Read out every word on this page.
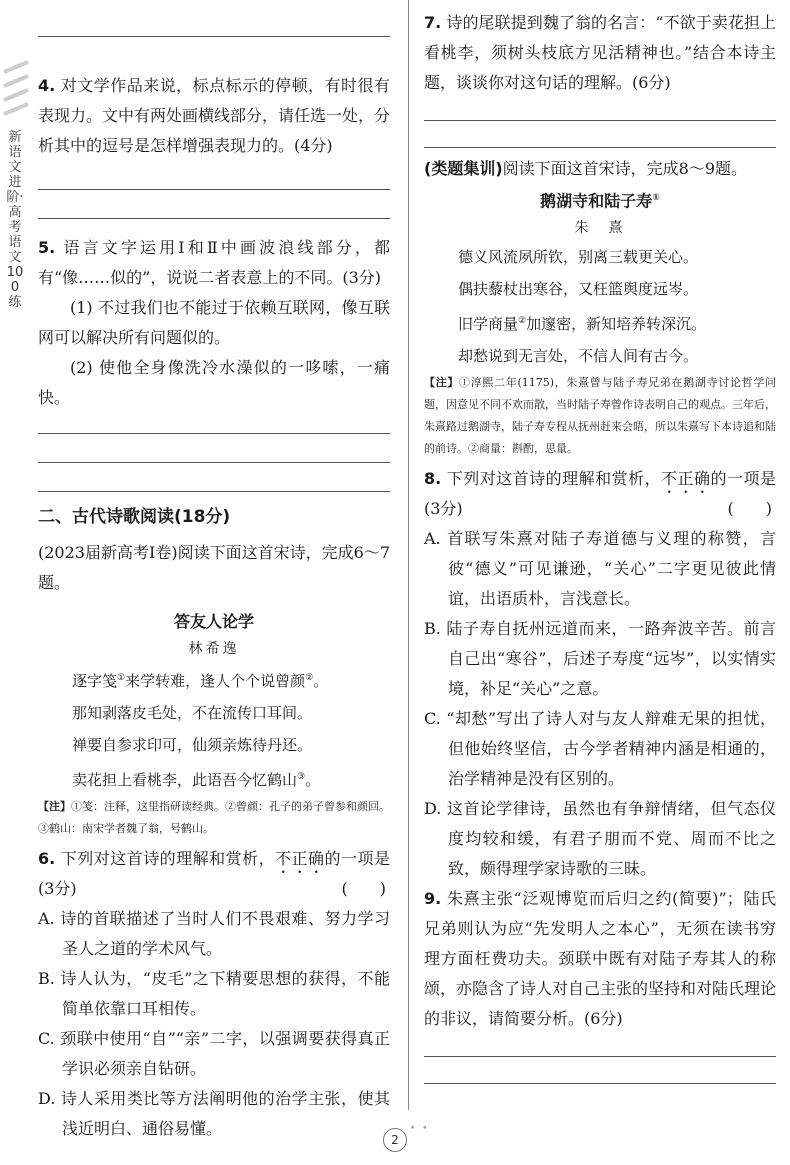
新语文进阶·高考语文100练

4. 对文学作品来说，标点标示的停顿，有时很有表现力。文中有两处画横线部分，请任选一处，分析其中的逗号是怎样增强表现力的。(4分)

5. 语言文字运用Ⅰ和Ⅱ中画波浪线部分，都有“像……似的”，说说二者表意上的不同。(3分)

(1) 不过我们也不能过于依赖互联网，像互联网可以解决所有问题似的。

(2) 使他全身像洗冷水澡似的一哆嗦，一痛快。

二、古代诗歌阅读(18分)

(2023届新高考Ⅰ卷)阅读下面这首宋诗，完成6～7题。

答友人论学

林希逸

逐字笺①来学转难，逢人个个说曾颜②。

那知剥落皮毛处，不在流传口耳间。

禅要自参求印可，仙须亲炼待丹还。

卖花担上看桃李，此语吾今忆鹤山③。

【注】①笺：注释，这里指研读经典。②曾颜：孔子的弟子曾参和颜回。③鹤山：南宋学者魏了翁，号鹤山。

6. 下列对这首诗的理解和赏析，不正确的一项是(3分)	(　　)

A. 诗的首联描述了当时人们不畏艰难、努力学习圣人之道的学术风气。

B. 诗人认为，“皮毛”之下精要思想的获得，不能简单依靠口耳相传。

C. 颈联中使用“自”“亲”二字，以强调要获得真正学识必须亲自钻研。

D. 诗人采用类比等方法阐明他的治学主张，使其浅近明白、通俗易懂。

7. 诗的尾联提到魏了翁的名言：“不欲于卖花担上看桃李，须树头枝底方见活精神也。”结合本诗主题，谈谈你对这句话的理解。(6分)

(类题集训)阅读下面这首宋诗，完成8～9题。

鹅湖寺和陆子寿①

朱　熹

德义风流夙所钦，别离三载更关心。

偶扶藜杖出寒谷，又枉篮舆度远岑。

旧学商量②加邃密，新知培养转深沉。

却愁说到无言处，不信人间有古今。

【注】①淳熙二年(1175)，朱熹曾与陆子寿兄弟在鹅湖寺讨论哲学问题，因意见不同不欢而散，当时陆子寿曾作诗表明自己的观点。三年后，朱熹路过鹅湖寺，陆子寿专程从抚州赶来会晤，所以朱熹写下本诗追和陆的前诗。②商量：斟酌，思量。

8. 下列对这首诗的理解和赏析，不正确的一项是(3分)	(　　)

A. 首联写朱熹对陆子寿道德与义理的称赞，言彼“德义”可见谦逊，“关心”二字更见彼此情谊，出语质朴，言浅意长。

B. 陆子寿自抚州远道而来，一路奔波辛苦。前言自己出“寒谷”，后述子寿度“远岑”，以实情实境，补足“关心”之意。

C. “却愁”写出了诗人对与友人辩难无果的担忧，但他始终坚信，古今学者精神内涵是相通的，治学精神是没有区别的。

D. 这首论学律诗，虽然也有争辩情绪，但气态仪度均较和缓，有君子朋而不党、周而不比之致，颇得理学家诗歌的三昧。

9. 朱熹主张“泛观博览而后归之约(简要)”；陆氏兄弟则认为应“先发明人之本心”，无须在读书穷理方面枉费功夫。颈联中既有对陆子寿其人的称颂，亦隐含了诗人对自己主张的坚持和对陆氏理论的非议，请简要分析。(6分)

2
• •
